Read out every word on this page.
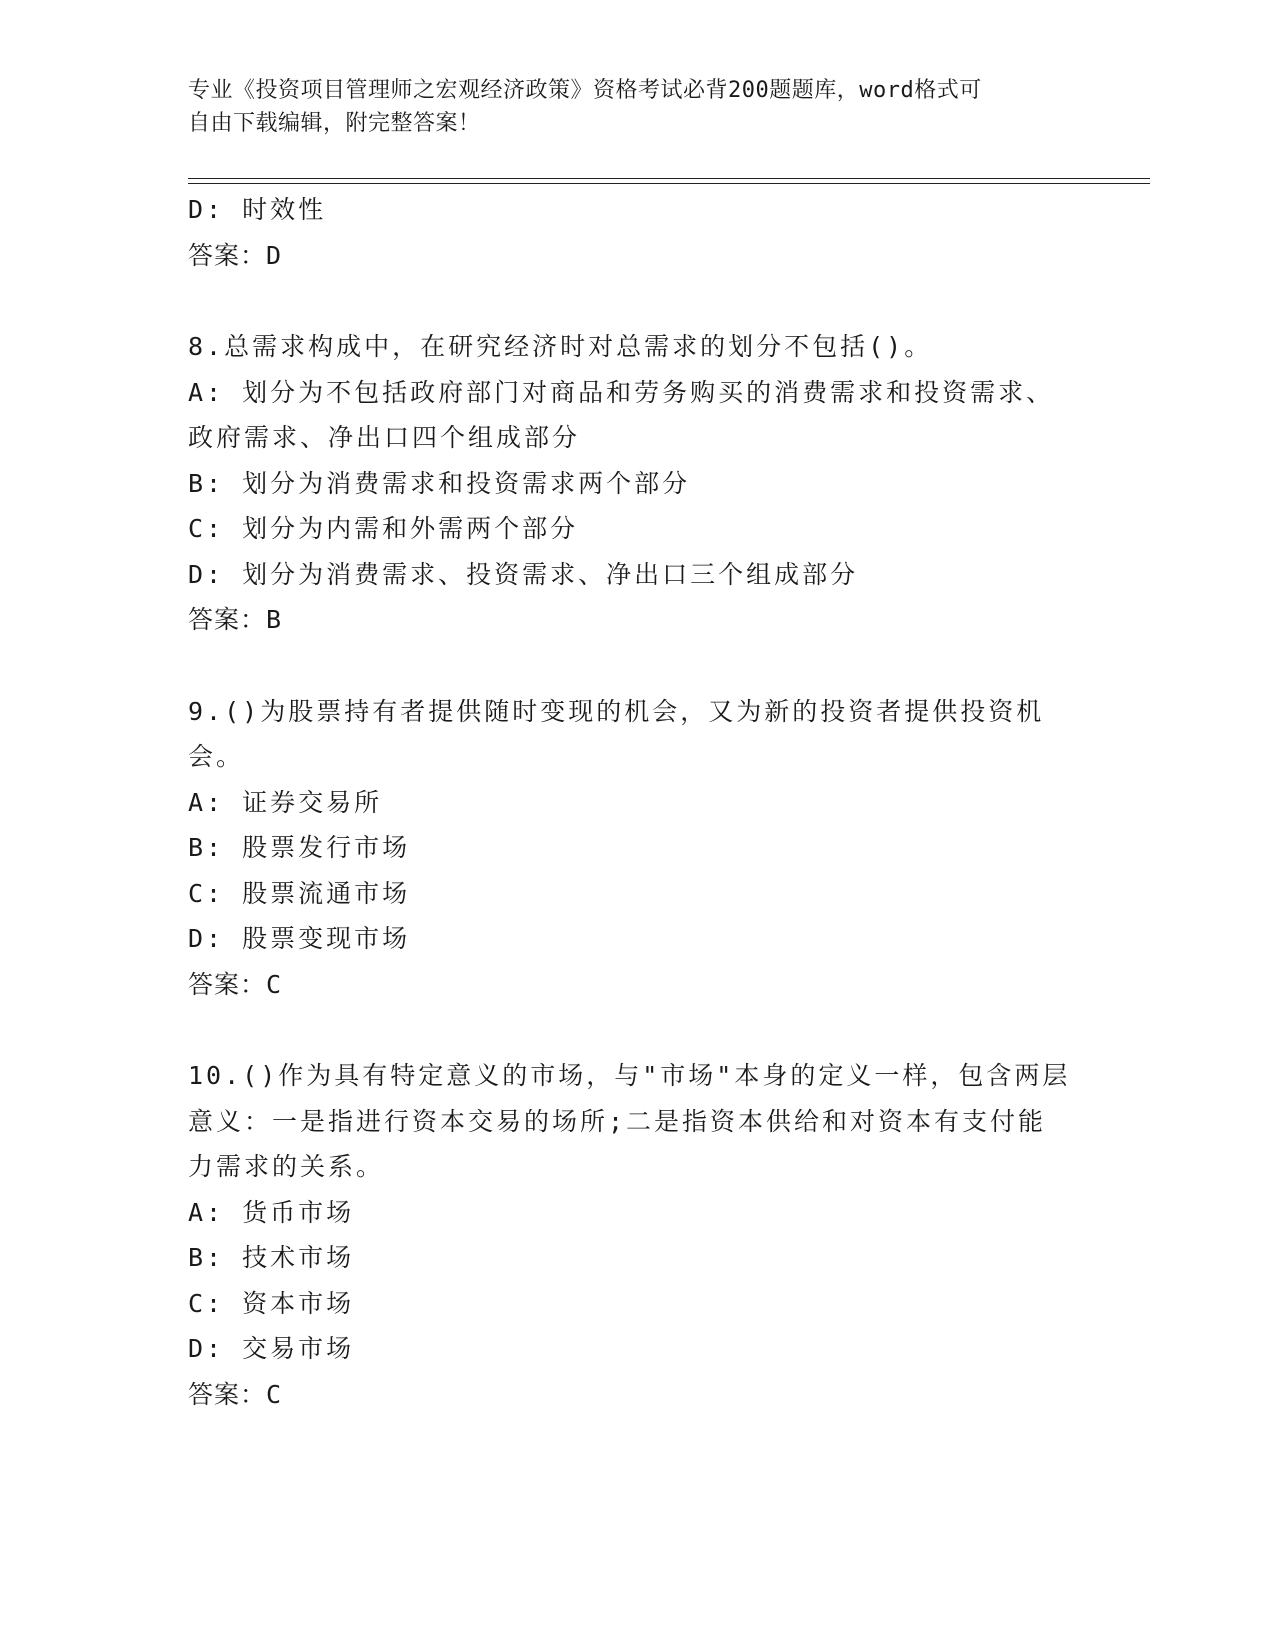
专业《投资项目管理师之宏观经济政策》资格考试必背200题题库，word格式可
自由下载编辑，附完整答案！
D: 时效性
答案：D
8.总需求构成中，在研究经济时对总需求的划分不包括()。
A: 划分为不包括政府部门对商品和劳务购买的消费需求和投资需求、
政府需求、净出口四个组成部分
B: 划分为消费需求和投资需求两个部分
C: 划分为内需和外需两个部分
D: 划分为消费需求、投资需求、净出口三个组成部分
答案：B
9.()为股票持有者提供随时变现的机会，又为新的投资者提供投资机
会。
A: 证券交易所
B: 股票发行市场
C: 股票流通市场
D: 股票变现市场
答案：C
10.()作为具有特定意义的市场，与"市场"本身的定义一样，包含两层
意义：一是指进行资本交易的场所;二是指资本供给和对资本有支付能
力需求的关系。
A: 货币市场
B: 技术市场
C: 资本市场
D: 交易市场
答案：C
